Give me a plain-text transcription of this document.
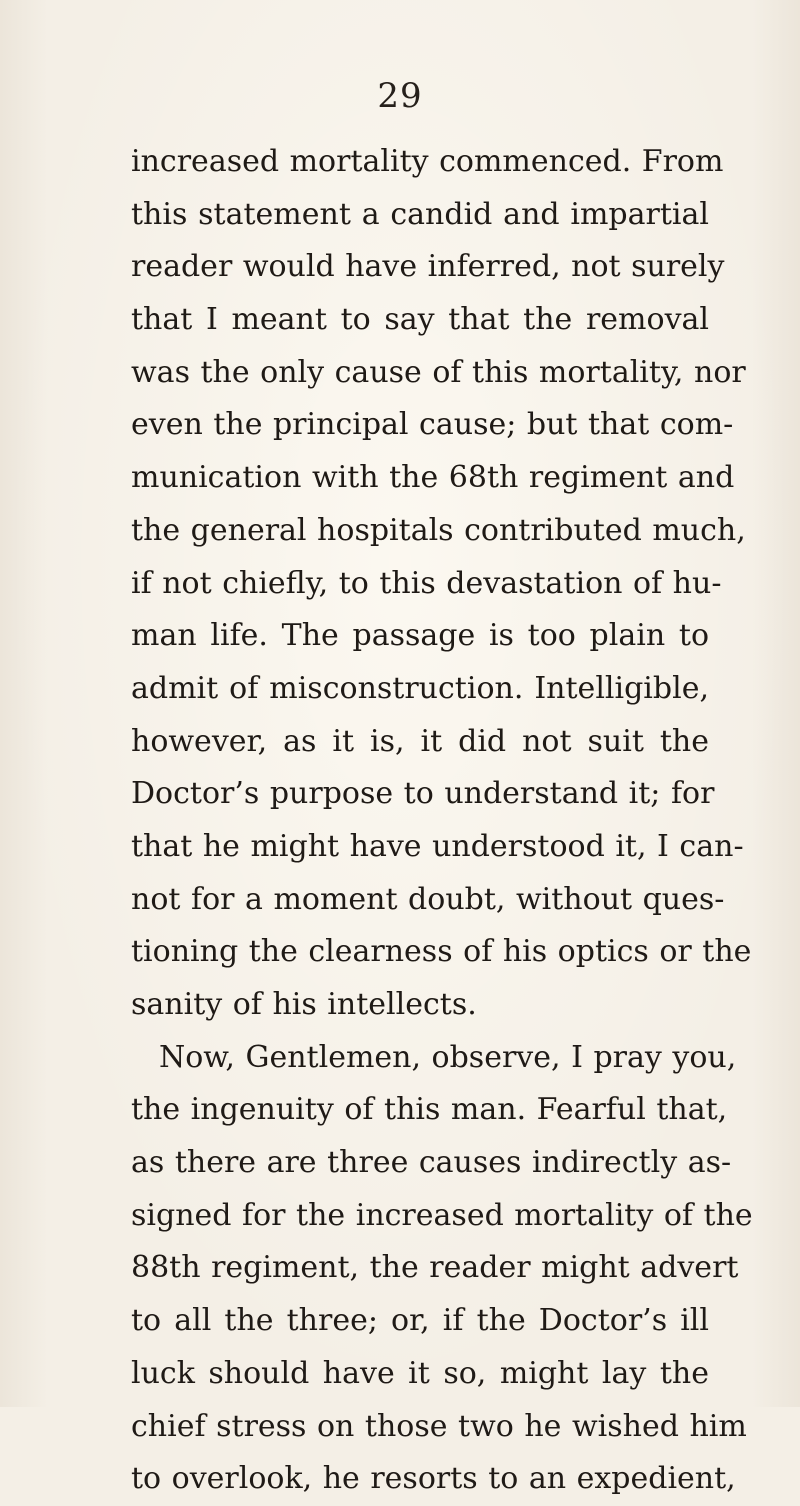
29
increased mortality commenced. From
this statement a candid and impartial
reader would have inferred, not surely
that I meant to say that the removal
was the only cause of this mortality, nor
even the principal cause; but that com-
munication with the 68th regiment and
the general hospitals contributed much,
if not chiefly, to this devastation of hu-
man life. The passage is too plain to
admit of misconstruction. Intelligible,
however, as it is, it did not suit the
Doctor’s purpose to understand it; for
that he might have understood it, I can-
not for a moment doubt, without ques-
tioning the clearness of his optics or the
sanity of his intellects.
Now, Gentlemen, observe, I pray you,
the ingenuity of this man. Fearful that,
as there are three causes indirectly as-
signed for the increased mortality of the
88th regiment, the reader might advert
to all the three; or, if the Doctor’s ill
luck should have it so, might lay the
chief stress on those two he wished him
to overlook, he resorts to an expedient,
